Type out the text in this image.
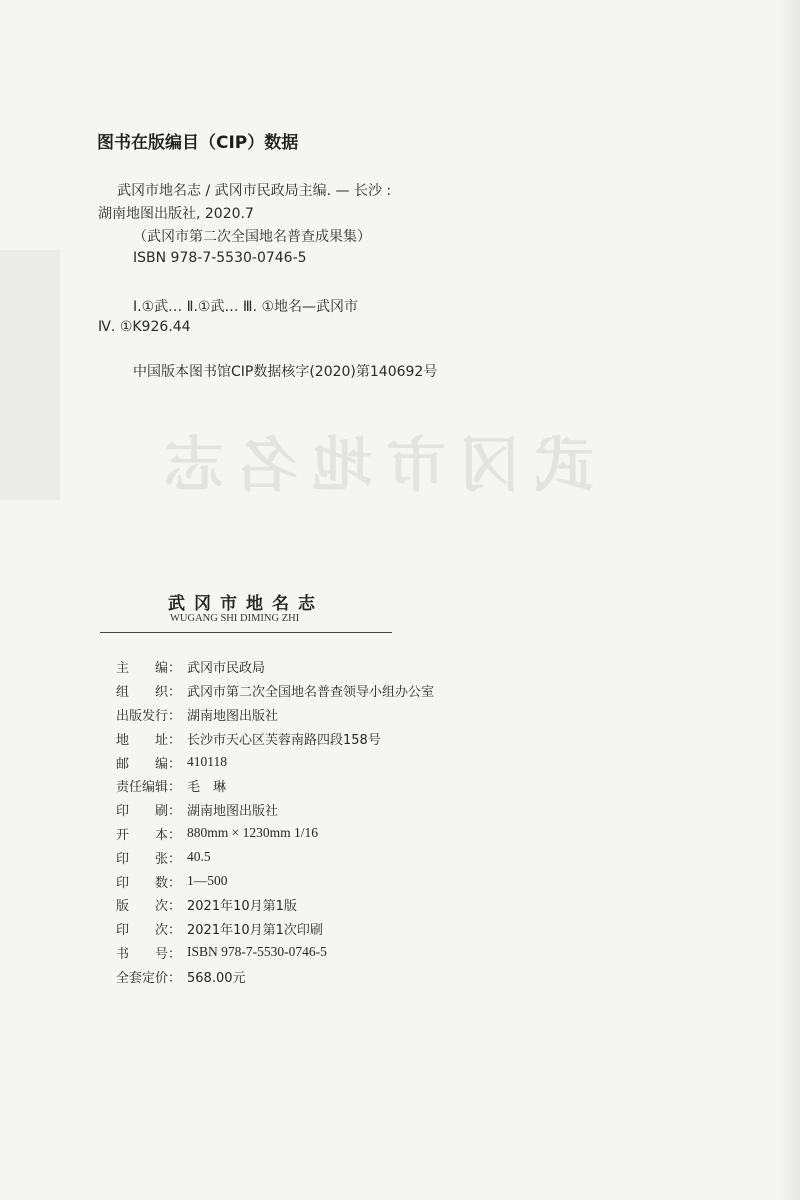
武冈市地名志
图书在版编目（CIP）数据
武冈市地名志 / 武冈市民政局主编. — 长沙 :
湖南地图出版社, 2020.7
（武冈市第二次全国地名普查成果集）
ISBN 978-7-5530-0746-5
Ⅰ.①武… Ⅱ.①武… Ⅲ. ①地名—武冈市
Ⅳ. ①K926.44
中国版本图书馆CIP数据核字(2020)第140692号
武冈市地名志
WUGANG SHI DIMING ZHI
主　　编： 武冈市民政局
组　　织： 武冈市第二次全国地名普查领导小组办公室
出版发行： 湖南地图出版社
地　　址： 长沙市天心区芙蓉南路四段158号
邮　　编： 410118
责任编辑： 毛　琳
印　　刷： 湖南地图出版社
开　　本： 880mm × 1230mm 1/16
印　　张： 40.5
印　　数： 1—500
版　　次： 2021年10月第1版
印　　次： 2021年10月第1次印刷
书　　号： ISBN 978-7-5530-0746-5
全套定价： 568.00元
